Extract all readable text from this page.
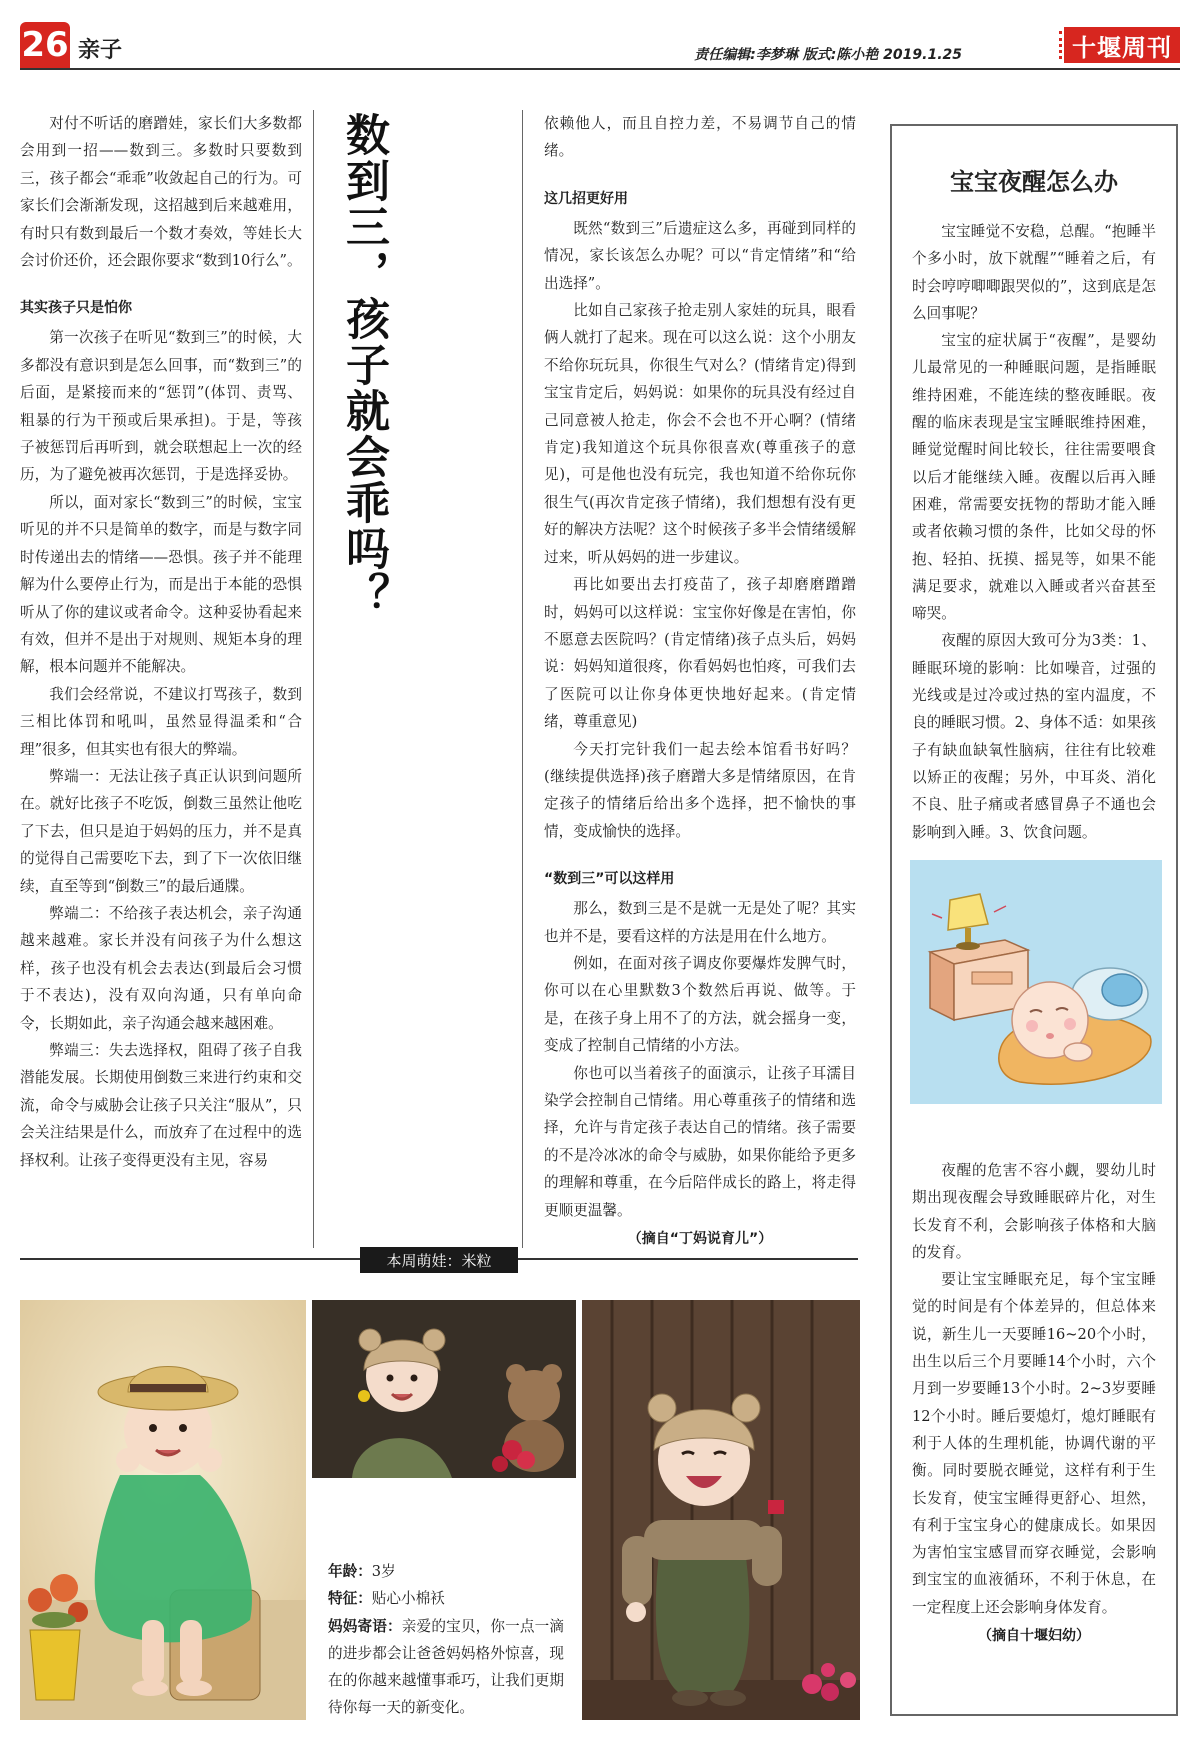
26 亲子	责任编辑:李梦琳 版式:陈小艳 2019.1.25	十堰周刊

对付不听话的磨蹭娃，家长们大多数都会用到一招——数到三。多数时只要数到三，孩子都会“乖乖”收敛起自己的行为。可家长们会渐渐发现，这招越到后来越难用，有时只有数到最后一个数才奏效，等娃长大会讨价还价，还会跟你要求“数到10行么”。

其实孩子只是怕你

第一次孩子在听见“数到三”的时候，大多都没有意识到是怎么回事，而“数到三”的后面，是紧接而来的“惩罚”(体罚、责骂、粗暴的行为干预或后果承担)。于是，等孩子被惩罚后再听到，就会联想起上一次的经历，为了避免被再次惩罚，于是选择妥协。

所以，面对家长“数到三”的时候，宝宝听见的并不只是简单的数字，而是与数字同时传递出去的情绪——恐惧。孩子并不能理解为什么要停止行为，而是出于本能的恐惧听从了你的建议或者命令。这种妥协看起来有效，但并不是出于对规则、规矩本身的理解，根本问题并不能解决。

我们会经常说，不建议打骂孩子，数到三相比体罚和吼叫，虽然显得温柔和“合理”很多，但其实也有很大的弊端。

弊端一：无法让孩子真正认识到问题所在。就好比孩子不吃饭，倒数三虽然让他吃了下去，但只是迫于妈妈的压力，并不是真的觉得自己需要吃下去，到了下一次依旧继续，直至等到“倒数三”的最后通牒。

弊端二：不给孩子表达机会，亲子沟通越来越难。家长并没有问孩子为什么想这样，孩子也没有机会去表达(到最后会习惯于不表达)，没有双向沟通，只有单向命令，长期如此，亲子沟通会越来越困难。

弊端三：失去选择权，阻碍了孩子自我潜能发展。长期使用倒数三来进行约束和交流，命令与威胁会让孩子只关注“服从”，只会关注结果是什么，而放弃了在过程中的选择权利。让孩子变得更没有主见，容易

数到三，孩子就会乖吗？	依赖他人，而且自控力差，不易调节自己的情绪。

这几招更好用

既然“数到三”后遗症这么多，再碰到同样的情况，家长该怎么办呢？可以“肯定情绪”和“给出选择”。

比如自己家孩子抢走别人家娃的玩具，眼看俩人就打了起来。现在可以这么说：这个小朋友不给你玩玩具，你很生气对么？(情绪肯定)得到宝宝肯定后，妈妈说：如果你的玩具没有经过自己同意被人抢走，你会不会也不开心啊？(情绪肯定)我知道这个玩具你很喜欢(尊重孩子的意见)，可是他也没有玩完，我也知道不给你玩你很生气(再次肯定孩子情绪)，我们想想有没有更好的解决方法呢？这个时候孩子多半会情绪缓解过来，听从妈妈的进一步建议。

再比如要出去打疫苗了，孩子却磨磨蹭蹭时，妈妈可以这样说：宝宝你好像是在害怕，你不愿意去医院吗？(肯定情绪)孩子点头后，妈妈说：妈妈知道很疼，你看妈妈也怕疼，可我们去了医院可以让你身体更快地好起来。(肯定情绪，尊重意见)

今天打完针我们一起去绘本馆看书好吗？(继续提供选择)孩子磨蹭大多是情绪原因，在肯定孩子的情绪后给出多个选择，把不愉快的事情，变成愉快的选择。

“数到三”可以这样用

那么，数到三是不是就一无是处了呢？其实也并不是，要看这样的方法是用在什么地方。

例如，在面对孩子调皮你要爆炸发脾气时，你可以在心里默数3个数然后再说、做等。于是，在孩子身上用不了的方法，就会摇身一变，变成了控制自己情绪的小方法。

你也可以当着孩子的面演示，让孩子耳濡目染学会控制自己情绪。用心尊重孩子的情绪和选择，允许与肯定孩子表达自己的情绪。孩子需要的不是冷冰冰的命令与威胁，如果你能给予更多的理解和尊重，在今后陪伴成长的路上，将走得更顺更温馨。

（摘自“丁妈说育儿”）

宝宝夜醒怎么办

宝宝睡觉不安稳，总醒。“抱睡半个多小时，放下就醒”“睡着之后，有时会哼哼唧唧跟哭似的”，这到底是怎么回事呢？

宝宝的症状属于“夜醒”，是婴幼儿最常见的一种睡眠问题，是指睡眠维持困难，不能连续的整夜睡眠。夜醒的临床表现是宝宝睡眠维持困难，睡觉觉醒时间比较长，往往需要喂食以后才能继续入睡。夜醒以后再入睡困难，常需要安抚物的帮助才能入睡或者依赖习惯的条件，比如父母的怀抱、轻拍、抚摸、摇晃等，如果不能满足要求，就难以入睡或者兴奋甚至啼哭。

夜醒的原因大致可分为3类：1、睡眠环境的影响：比如噪音，过强的光线或是过冷或过热的室内温度，不良的睡眠习惯。2、身体不适：如果孩子有缺血缺氧性脑病，往往有比较难以矫正的夜醒；另外，中耳炎、消化不良、肚子痛或者感冒鼻子不通也会影响到入睡。3、饮食问题。

夜醒的危害不容小觑，婴幼儿时期出现夜醒会导致睡眠碎片化，对生长发育不利，会影响孩子体格和大脑的发育。

要让宝宝睡眠充足，每个宝宝睡觉的时间是有个体差异的，但总体来说，新生儿一天要睡16~20个小时，出生以后三个月要睡14个小时，六个月到一岁要睡13个小时。2~3岁要睡12个小时。睡后要熄灯，熄灯睡眠有利于人体的生理机能，协调代谢的平衡。同时要脱衣睡觉，这样有利于生长发育，使宝宝睡得更舒心、坦然，有利于宝宝身心的健康成长。如果因为害怕宝宝感冒而穿衣睡觉，会影响到宝宝的血液循环，不利于休息，在一定程度上还会影响身体发育。

（摘自十堰妇幼）
本周萌娃：米粒
年龄：3岁
特征：贴心小棉袄
妈妈寄语：亲爱的宝贝，你一点一滴的进步都会让爸爸妈妈格外惊喜，现在的你越来越懂事乖巧，让我们更期待你每一天的新变化。
